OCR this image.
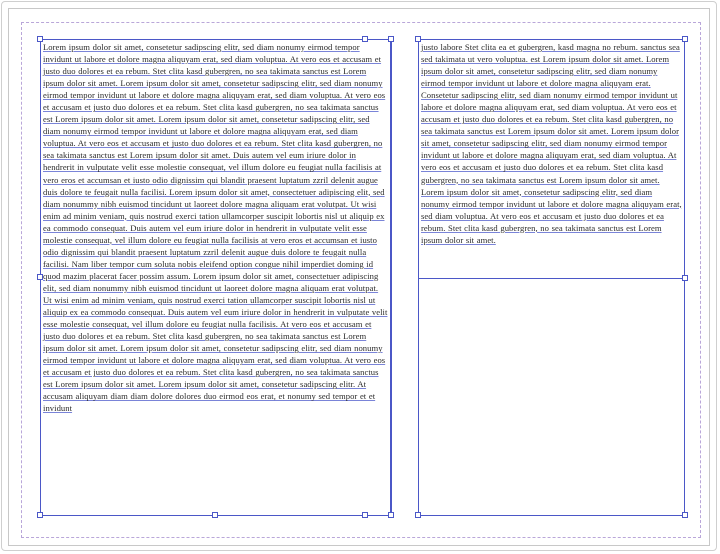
Lorem ipsum dolor sit amet, consetetur sadipscing elitr, sed diam nonumy eirmod tempor invidunt ut labore et dolore magna aliquyam erat, sed diam voluptua. At vero eos et accusam et justo duo dolores et ea rebum. Stet clita kasd gubergren, no sea takimata sanctus est Lorem ipsum dolor sit amet. Lorem ipsum dolor sit amet, consetetur sadipscing elitr, sed diam nonumy eirmod tempor invidunt ut labore et dolore magna aliquyam erat, sed diam voluptua. At vero eos et accusam et justo duo dolores et ea rebum. Stet clita kasd gubergren, no sea takimata sanctus est Lorem ipsum dolor sit amet. Lorem ipsum dolor sit amet, consetetur sadipscing elitr, sed diam nonumy eirmod tempor invidunt ut labore et dolore magna aliquyam erat, sed diam voluptua. At vero eos et accusam et justo duo dolores et ea rebum. Stet clita kasd gubergren, no sea takimata sanctus est Lorem ipsum dolor sit amet. Duis autem vel eum iriure dolor in hendrerit in vulputate velit esse molestie consequat, vel illum dolore eu feugiat nulla facilisis at vero eros et accumsan et iusto odio dignissim qui blandit praesent luptatum zzril delenit augue duis dolore te feugait nulla facilisi. Lorem ipsum dolor sit amet, consectetuer adipiscing elit, sed diam nonummy nibh euismod tincidunt ut laoreet dolore magna aliquam erat volutpat. Ut wisi enim ad minim veniam, quis nostrud exerci tation ullamcorper suscipit lobortis nisl ut aliquip ex ea commodo consequat. Duis autem vel eum iriure dolor in hendrerit in vulputate velit esse molestie consequat, vel illum dolore eu feugiat nulla facilisis at vero eros et accumsan et iusto odio dignissim qui blandit praesent luptatum zzril delenit augue duis dolore te feugait nulla facilisi. Nam liber tempor cum soluta nobis eleifend option congue nihil imperdiet doming id quod mazim placerat facer possim assum. Lorem ipsum dolor sit amet, consectetuer adipiscing elit, sed diam nonummy nibh euismod tincidunt ut laoreet dolore magna aliquam erat volutpat. Ut wisi enim ad minim veniam, quis nostrud exerci tation ullamcorper suscipit lobortis nisl ut aliquip ex ea commodo consequat. Duis autem vel eum iriure dolor in hendrerit in vulputate velit esse molestie consequat, vel illum dolore eu feugiat nulla facilisis. At vero eos et accusam et justo duo dolores et ea rebum. Stet clita kasd gubergren, no sea takimata sanctus est Lorem ipsum dolor sit amet. Lorem ipsum dolor sit amet, consetetur sadipscing elitr, sed diam nonumy eirmod tempor invidunt ut labore et dolore magna aliquyam erat, sed diam voluptua. At vero eos et accusam et justo duo dolores et ea rebum. Stet clita kasd gubergren, no sea takimata sanctus est Lorem ipsum dolor sit amet. Lorem ipsum dolor sit amet, consetetur sadipscing elitr. At accusam aliquyam diam diam dolore dolores duo eirmod eos erat, et nonumy sed tempor et et invidunt
justo labore Stet clita ea et gubergren, kasd magna no rebum. sanctus sea sed takimata ut vero voluptua. est Lorem ipsum dolor sit amet. Lorem ipsum dolor sit amet, consetetur sadipscing elitr, sed diam nonumy eirmod tempor invidunt ut labore et dolore magna aliquyam erat. Consetetur sadipscing elitr, sed diam nonumy eirmod tempor invidunt ut labore et dolore magna aliquyam erat, sed diam voluptua. At vero eos et accusam et justo duo dolores et ea rebum. Stet clita kasd gubergren, no sea takimata sanctus est Lorem ipsum dolor sit amet. Lorem ipsum dolor sit amet, consetetur sadipscing elitr, sed diam nonumy eirmod tempor invidunt ut labore et dolore magna aliquyam erat, sed diam voluptua. At vero eos et accusam et justo duo dolores et ea rebum. Stet clita kasd gubergren, no sea takimata sanctus est Lorem ipsum dolor sit amet. Lorem ipsum dolor sit amet, consetetur sadipscing elitr, sed diam nonumy eirmod tempor invidunt ut labore et dolore magna aliquyam erat, sed diam voluptua. At vero eos et accusam et justo duo dolores et ea rebum. Stet clita kasd gubergren, no sea takimata sanctus est Lorem ipsum dolor sit amet.
